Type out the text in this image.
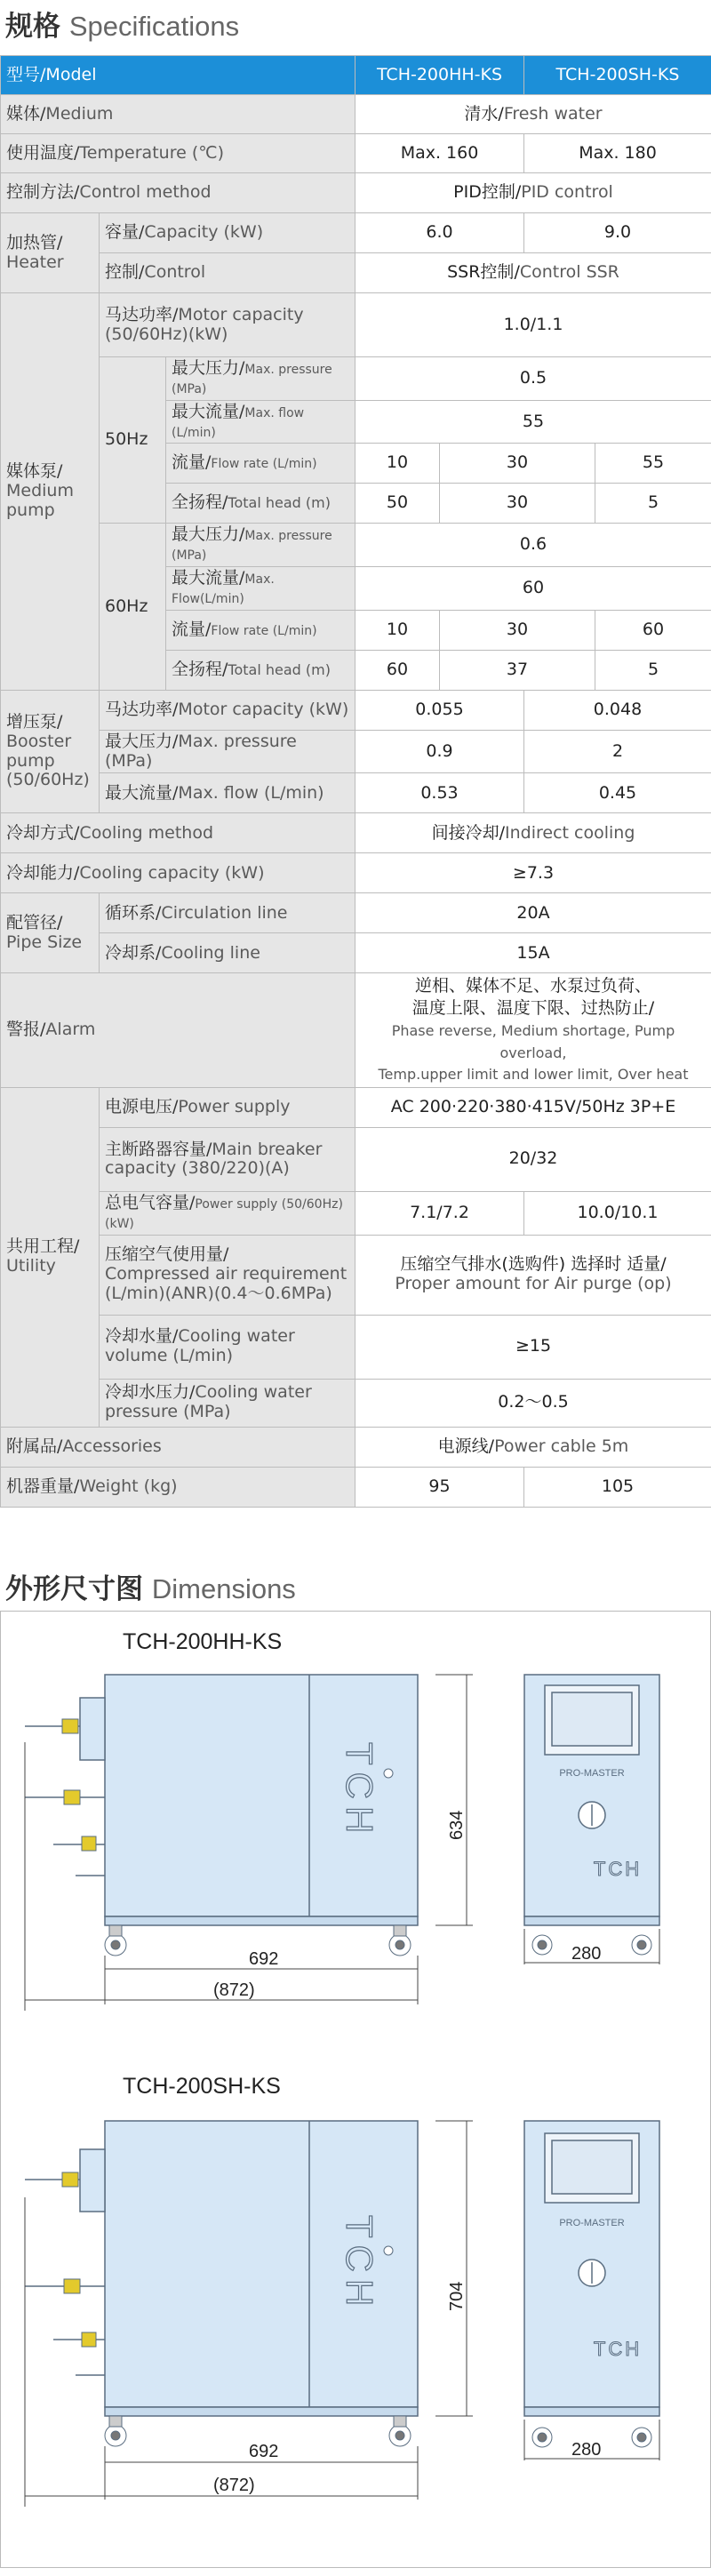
规格 Specifications
型号/Model			TCH-200HH-KS		TCH-200SH-KS	
媒体/Medium			清水/Fresh water			
使用温度/Temperature (℃)			Max. 160		Max. 180	
控制方法/Control method			PID控制/PID control			
加热管/
Heater	容量/Capacity (kW)		6.0		9.0	
	控制/Control		SSR控制/Control SSR			
媒体泵/
Medium
pump	马达功率/Motor capacity
(50/60Hz)(kW)		1.0/1.1			
	50Hz	最大压力/Max. pressure (MPa)	0.5			
		最大流量/Max. flow (L/min)	55			
		流量/Flow rate (L/min)	10	30		55
		全扬程/Total head (m)	50	30		5
	60Hz	最大压力/Max. pressure (MPa)	0.6			
		最大流量/Max. Flow(L/min)	60			
		流量/Flow rate (L/min)	10	30		60
		全扬程/Total head (m)	60	37		5
增压泵/
Booster
pump
(50/60Hz)	马达功率/Motor capacity (kW)		0.055		0.048	
	最大压力/Max. pressure (MPa)		0.9		2	
	最大流量/Max. flow (L/min)		0.53		0.45	
冷却方式/Cooling method			间接冷却/Indirect cooling			
冷却能力/Cooling capacity (kW)			≥7.3			
配管径/
Pipe Size	循环系/Circulation line		20A			
	冷却系/Cooling line		15A			
警报/Alarm			逆相、媒体不足、水泵过负荷、
温度上限、温度下限、过热防止/
Phase reverse, Medium shortage, Pump overload,
Temp.upper limit and lower limit, Over heat			
共用工程/
Utility	电源电压/Power supply		AC 200·220·380·415V/50Hz 3P+E			
	主断路器容量/Main breaker
capacity (380/220)(A)		20/32			
	总电气容量/Power supply (50/60Hz)(kW)		7.1/7.2		10.0/10.1	
	压缩空气使用量/
Compressed air requirement
(L/min)(ANR)(0.4～0.6MPa)		压缩空气排水(选购件) 选择时 适量/
Proper amount for Air purge (op)			
	冷却水量/Cooling water
volume (L/min)		≥15			
	冷却水压力/Cooling water
pressure (MPa)		0.2～0.5			
附属品/Accessories			电源线/Power cable 5m			
机器重量/Weight (kg)			95		105	
外形尺寸图 Dimensions
TCH-200HH-KS
TCH	634
692
(872)
PRO-MASTER
TCH
280
TCH-200SH-KS
TCH	704
692
(872)
PRO-MASTER
TCH
280
